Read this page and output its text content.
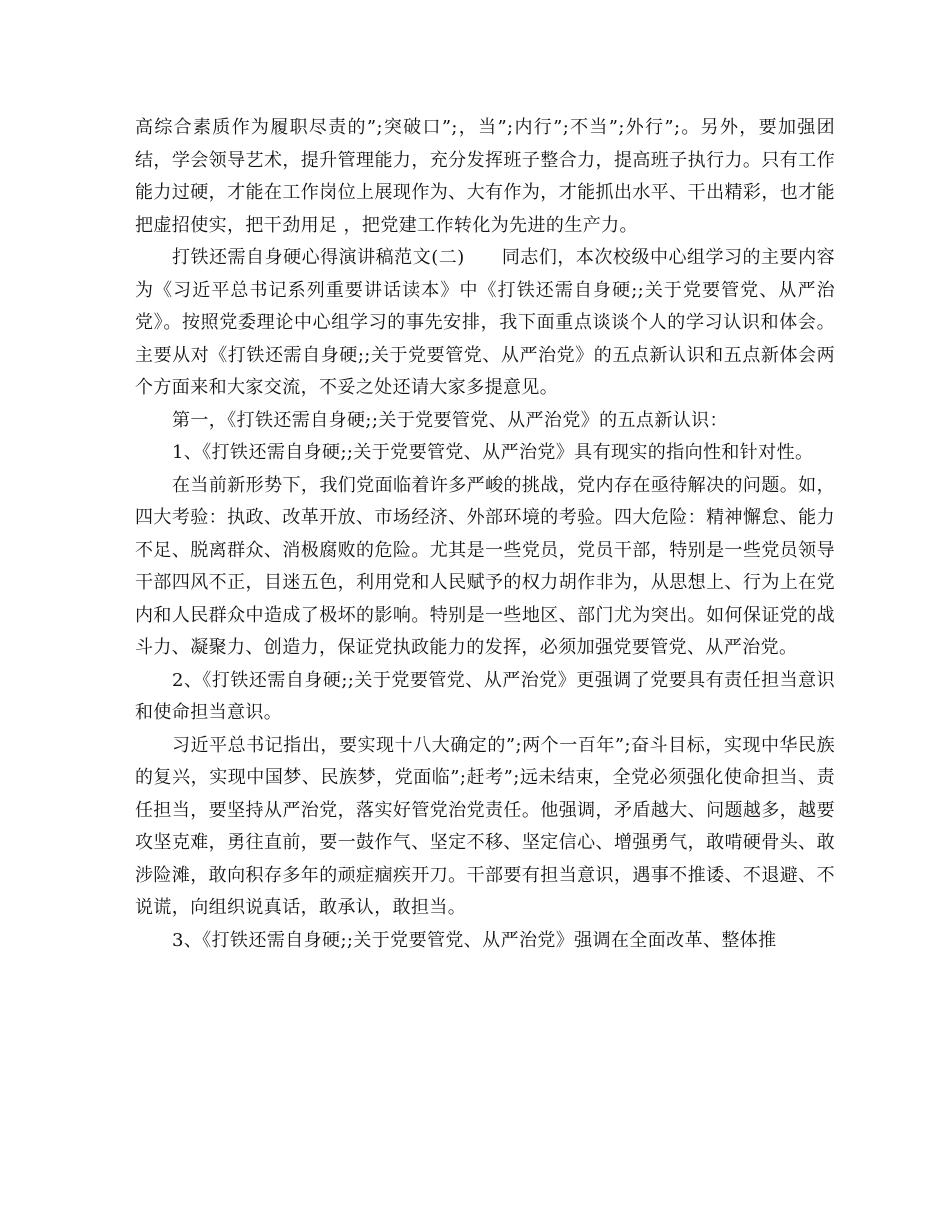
高综合素质作为履职尽责的”;突破口”;，当”;内行”;不当”;外行”;。另外，要加强团结，学会领导艺术，提升管理能力，充分发挥班子整合力，提高班子执行力。只有工作能力过硬，才能在工作岗位上展现作为、大有作为，才能抓出水平、干出精彩，也才能把虚招使实，把干劲用足 ，把党建工作转化为先进的生产力。

打铁还需自身硬心得演讲稿范文(二)　　同志们，本次校级中心组学习的主要内容为《习近平总书记系列重要讲话读本》中《打铁还需自身硬;;关于党要管党、从严治党》。按照党委理论中心组学习的事先安排，我下面重点谈谈个人的学习认识和体会。主要从对《打铁还需自身硬;;关于党要管党、从严治党》的五点新认识和五点新体会两个方面来和大家交流，不妥之处还请大家多提意见。

第一，《打铁还需自身硬;;关于党要管党、从严治党》的五点新认识：

1、《打铁还需自身硬;;关于党要管党、从严治党》具有现实的指向性和针对性。

在当前新形势下，我们党面临着许多严峻的挑战，党内存在亟待解决的问题。如，四大考验：执政、改革开放、市场经济、外部环境的考验。四大危险：精神懈怠、能力不足、脱离群众、消极腐败的危险。尤其是一些党员，党员干部，特别是一些党员领导干部四风不正，目迷五色，利用党和人民赋予的权力胡作非为，从思想上、行为上在党内和人民群众中造成了极坏的影响。特别是一些地区、部门尤为突出。如何保证党的战斗力、凝聚力、创造力，保证党执政能力的发挥，必须加强党要管党、从严治党。

2、《打铁还需自身硬;;关于党要管党、从严治党》更强调了党要具有责任担当意识和使命担当意识。

习近平总书记指出，要实现十八大确定的”;两个一百年”;奋斗目标，实现中华民族的复兴，实现中国梦、民族梦，党面临”;赶考”;远未结束，全党必须强化使命担当、责任担当，要坚持从严治党，落实好管党治党责任。他强调，矛盾越大、问题越多，越要攻坚克难，勇往直前，要一鼓作气、坚定不移、坚定信心、增强勇气，敢啃硬骨头、敢涉险滩，敢向积存多年的顽症痼疾开刀。干部要有担当意识，遇事不推诿、不退避、不说谎，向组织说真话，敢承认，敢担当。

3、《打铁还需自身硬;;关于党要管党、从严治党》强调在全面改革、整体推
